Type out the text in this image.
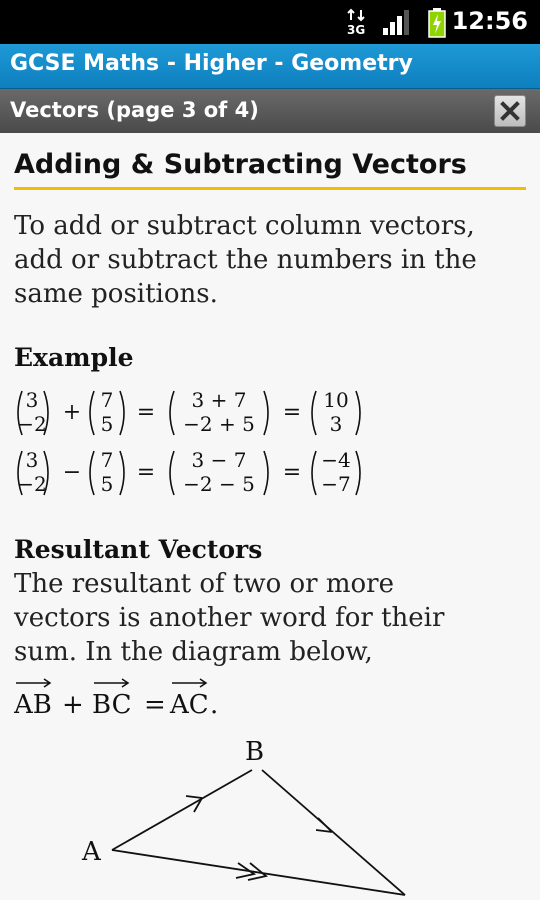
3G	12:56
GCSE Maths - Higher - Geometry
Vectors (page 3 of 4)
Adding & Subtracting Vectors
To add or subtract column vectors,
add or subtract the numbers in the
same positions.
Example
3
−2 + 7
5 = 3 + 7
−2 + 5 = 10
3
3
−2 − 7
5 = 3 − 7
−2 − 5 = −4
−7
Resultant Vectors
The resultant of two or more
vectors is another word for their
sum. In the diagram below,
AB + BC = AC .
A
B
